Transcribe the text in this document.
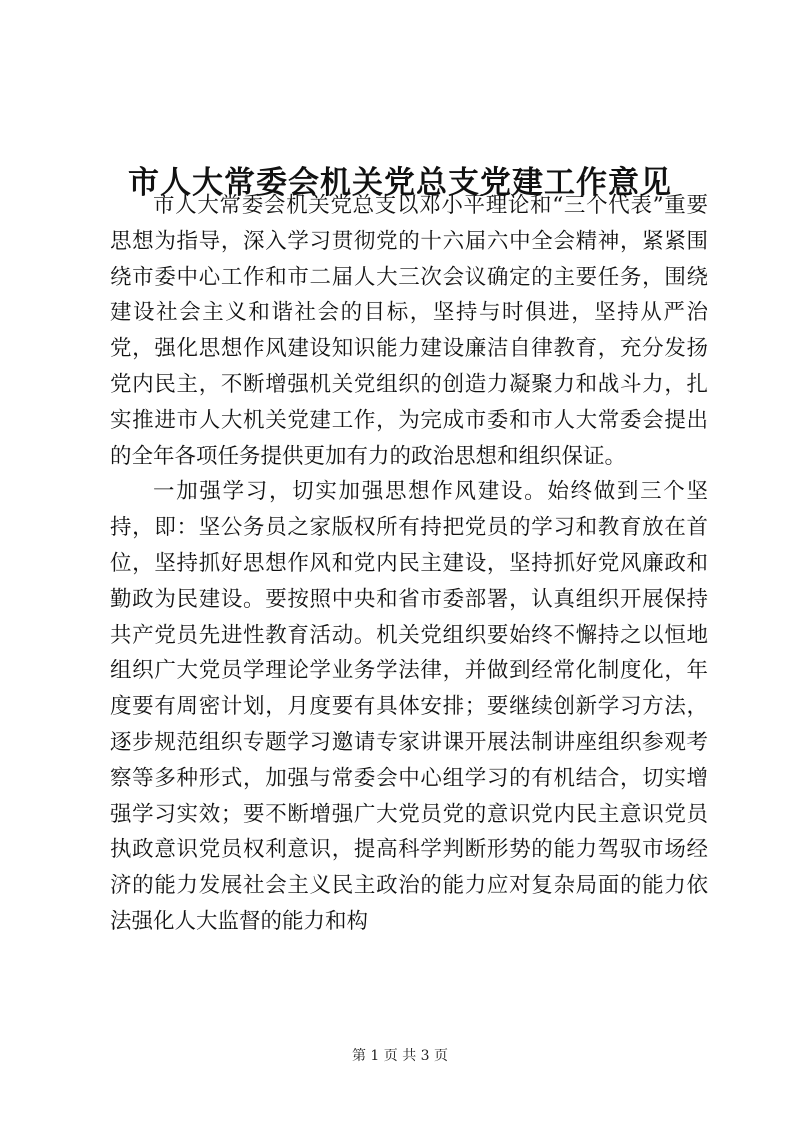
市人大常委会机关党总支党建工作意见

市人大常委会机关党总支以邓小平理论和“三个代表”重要思想为指导，深入学习贯彻党的十六届六中全会精神，紧紧围绕市委中心工作和市二届人大三次会议确定的主要任务，围绕建设社会主义和谐社会的目标，坚持与时俱进，坚持从严治党，强化思想作风建设知识能力建设廉洁自律教育，充分发扬党内民主，不断增强机关党组织的创造力凝聚力和战斗力，扎实推进市人大机关党建工作，为完成市委和市人大常委会提出的全年各项任务提供更加有力的政治思想和组织保证。

一加强学习，切实加强思想作风建设。始终做到三个坚持，即：坚公务员之家版权所有持把党员的学习和教育放在首位，坚持抓好思想作风和党内民主建设，坚持抓好党风廉政和勤政为民建设。要按照中央和省市委部署，认真组织开展保持共产党员先进性教育活动。机关党组织要始终不懈持之以恒地组织广大党员学理论学业务学法律，并做到经常化制度化，年度要有周密计划，月度要有具体安排；要继续创新学习方法，逐步规范组织专题学习邀请专家讲课开展法制讲座组织参观考察等多种形式，加强与常委会中心组学习的有机结合，切实增强学习实效；要不断增强广大党员党的意识党内民主意识党员执政意识党员权利意识，提高科学判断形势的能力驾驭市场经济的能力发展社会主义民主政治的能力应对复杂局面的能力依法强化人大监督的能力和构

第 1 页 共 3 页
